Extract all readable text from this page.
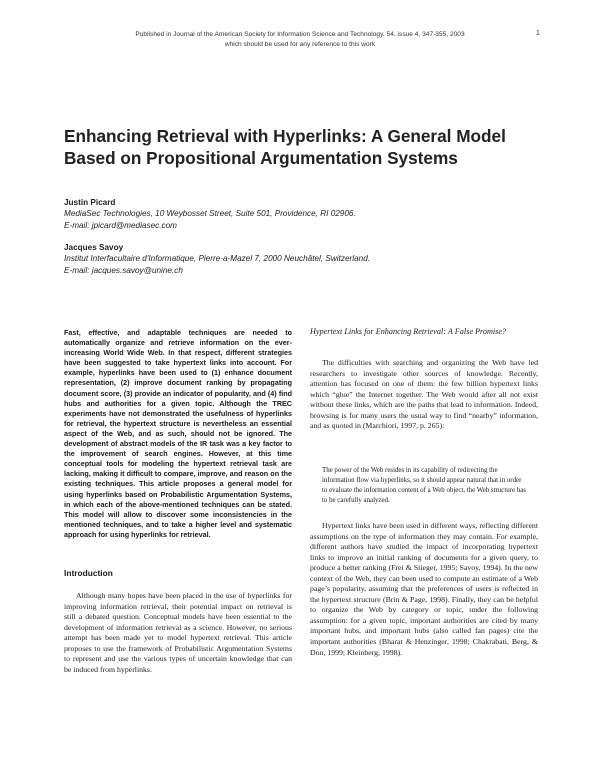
Published in Journal of the American Society for Information Science and Technology, 54, issue 4, 347-355, 2003
which should be used for any reference to this work
1
Enhancing Retrieval with Hyperlinks: A General Model Based on Propositional Argumentation Systems
Justin Picard
MediaSec Technologies, 10 Weybosset Street, Suite 501, Providence, RI 02906.
E-mail: jpicard@mediasec.com
Jacques Savoy
Institut Interfacultaire d'Informatique, Pierre-a-Mazel 7, 2000 Neuchâtel, Switzerland.
E-mail: jacques.savoy@unine.ch

Fast, effective, and adaptable techniques are needed to automatically organize and retrieve information on the ever-increasing World Wide Web. In that respect, different strategies have been suggested to take hypertext links into account. For example, hyperlinks have been used to (1) enhance document representation, (2) improve document ranking by propagating document score, (3) provide an indicator of popularity, and (4) find hubs and authorities for a given topic. Although the TREC experiments have not demonstrated the usefulness of hyperlinks for retrieval, the hypertext structure is nevertheless an essential aspect of the Web, and as such, should not be ignored. The development of abstract models of the IR task was a key factor to the improvement of search engines. However, at this time conceptual tools for modeling the hypertext retrieval task are lacking, making it difficult to compare, improve, and reason on the existing techniques. This article proposes a general model for using hyperlinks based on Probabilistic Argumentation Systems, in which each of the above-mentioned techniques can be stated. This model will allow to discover some inconsistencies in the mentioned techniques, and to take a higher level and systematic approach for using hyperlinks for retrieval.

Introduction

Although many hopes have been placed in the use of hyperlinks for improving information retrieval, their potential impact on retrieval is still a debated question. Conceptual models have been essential to the development of information retrieval as a science. However, no serious attempt has been made yet to model hypertext retrieval. This article proposes to use the framework of Probabilistic Argumentation Systems to represent and use the various types of uncertain knowledge that can be induced from hyperlinks.

Hypertext Links for Enhancing Retrieval: A False Promise?

The difficulties with searching and organizing the Web have led researchers to investigate other sources of knowledge. Recently, attention has focused on one of them: the few billion hypertext links which “glue” the Internet together. The Web would after all not exist without these links, which are the paths that lead to information. Indeed, browsing is for many users the usual way to find “nearby” information, and as quoted in (Marchiori, 1997, p. 265):

The power of the Web resides in its capability of redirecting the information flow via hyperlinks, so it should appear natural that in order to evaluate the information content of a Web object, the Web structure has to be carefully analyzed.

Hypertext links have been used in different ways, reflecting different assumptions on the type of information they may contain. For example, different authors have studied the impact of incorporating hypertext links to improve an initial ranking of documents for a given query, to produce a better ranking (Frei & Stieger, 1995; Savoy, 1994). In the new context of the Web, they can been used to compute an estimate of a Web page’s popularity, assuming that the preferences of users is reflected in the hypertext structure (Brin & Page, 1998). Finally, they can be helpful to organize the Web by category or topic, under the following assumption: for a given topic, important authorities are cited by many important hubs, and important hubs (also called fan pages) cite the important authorities (Bharat & Henzinger, 1998; Chakrabati, Berg, & Don, 1999; Kleinberg, 1998).
